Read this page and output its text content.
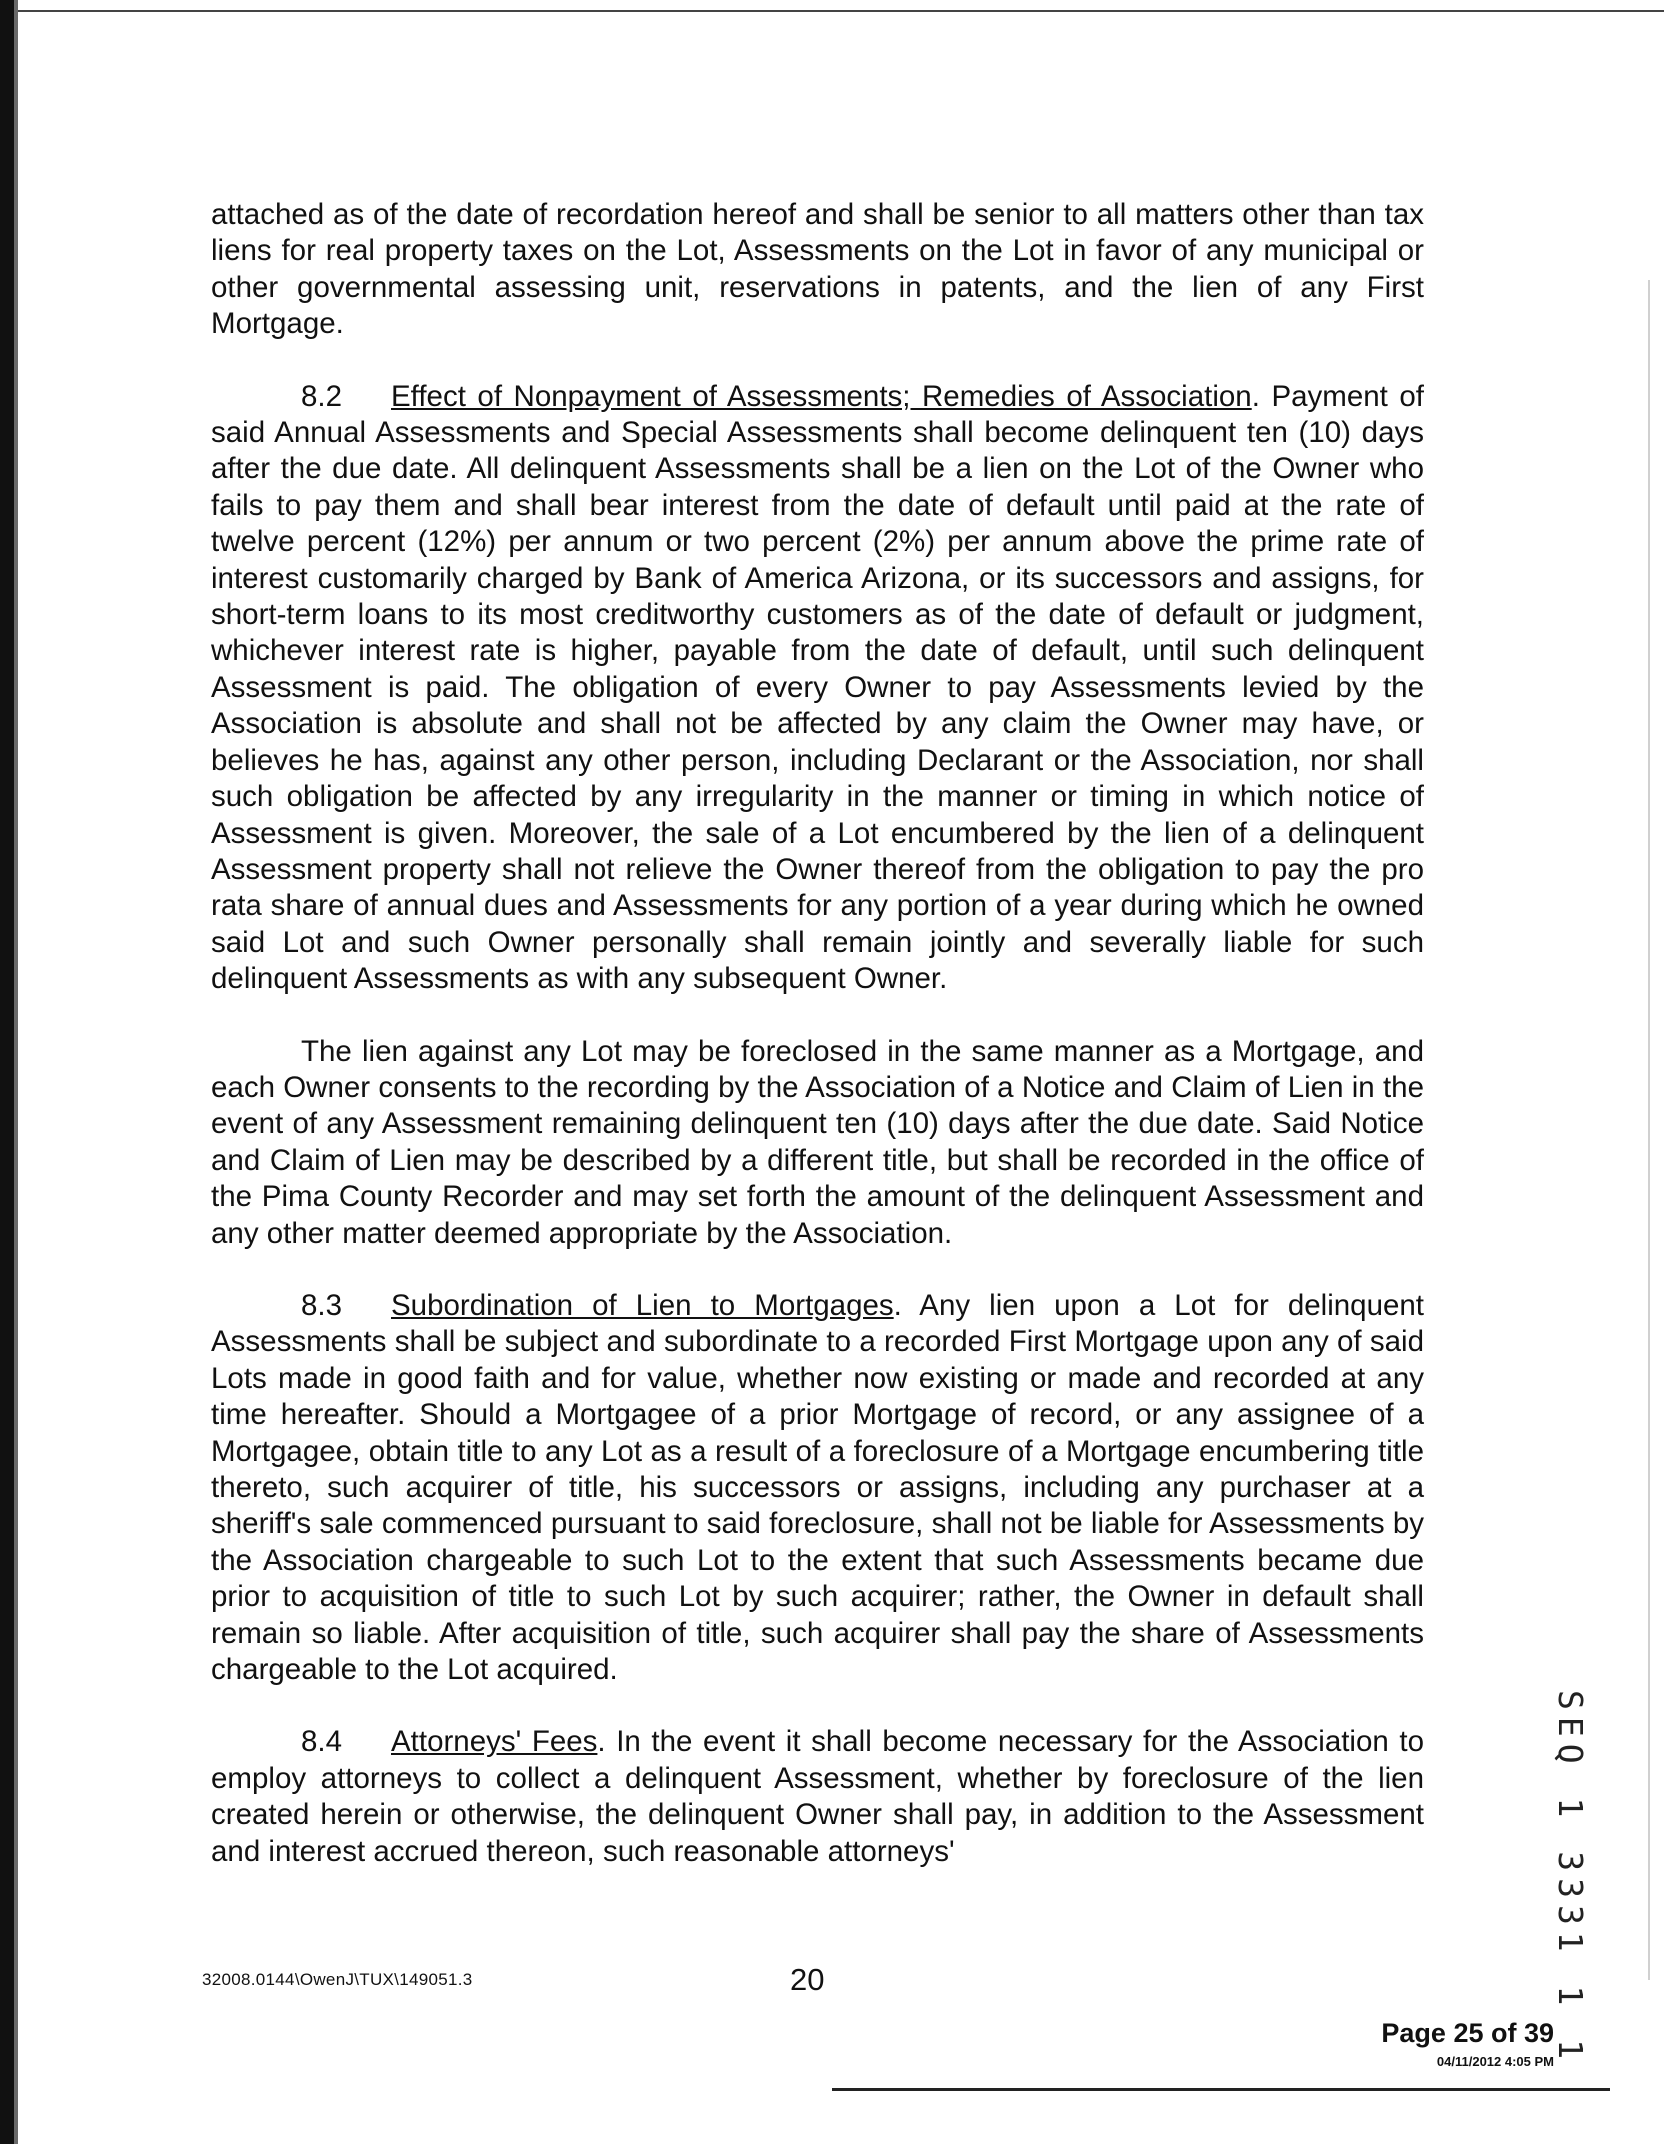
attached as of the date of recordation hereof and shall be senior to all matters other than tax liens for real property taxes on the Lot, Assessments on the Lot in favor of any municipal or other governmental assessing unit, reservations in patents, and the lien of any First Mortgage.

8.2 Effect of Nonpayment of Assessments; Remedies of Association. Payment of said Annual Assessments and Special Assessments shall become delinquent ten (10) days after the due date. All delinquent Assessments shall be a lien on the Lot of the Owner who fails to pay them and shall bear interest from the date of default until paid at the rate of twelve percent (12%) per annum or two percent (2%) per annum above the prime rate of interest customarily charged by Bank of America Arizona, or its successors and assigns, for short-term loans to its most creditworthy customers as of the date of default or judgment, whichever interest rate is higher, payable from the date of default, until such delinquent Assessment is paid. The obligation of every Owner to pay Assessments levied by the Association is absolute and shall not be affected by any claim the Owner may have, or believes he has, against any other person, including Declarant or the Association, nor shall such obligation be affected by any irregularity in the manner or timing in which notice of Assessment is given. Moreover, the sale of a Lot encumbered by the lien of a delinquent Assessment property shall not relieve the Owner thereof from the obligation to pay the pro rata share of annual dues and Assessments for any portion of a year during which he owned said Lot and such Owner personally shall remain jointly and severally liable for such delinquent Assessments as with any subsequent Owner.

The lien against any Lot may be foreclosed in the same manner as a Mortgage, and each Owner consents to the recording by the Association of a Notice and Claim of Lien in the event of any Assessment remaining delinquent ten (10) days after the due date. Said Notice and Claim of Lien may be described by a different title, but shall be recorded in the office of the Pima County Recorder and may set forth the amount of the delinquent Assessment and any other matter deemed appropriate by the Association.

8.3 Subordination of Lien to Mortgages. Any lien upon a Lot for delinquent Assessments shall be subject and subordinate to a recorded First Mortgage upon any of said Lots made in good faith and for value, whether now existing or made and recorded at any time hereafter. Should a Mortgagee of a prior Mortgage of record, or any assignee of a Mortgagee, obtain title to any Lot as a result of a foreclosure of a Mortgage encumbering title thereto, such acquirer of title, his successors or assigns, including any purchaser at a sheriff's sale commenced pursuant to said foreclosure, shall not be liable for Assessments by the Association chargeable to such Lot to the extent that such Assessments became due prior to acquisition of title to such Lot by such acquirer; rather, the Owner in default shall remain so liable. After acquisition of title, such acquirer shall pay the share of Assessments chargeable to the Lot acquired.

8.4 Attorneys' Fees. In the event it shall become necessary for the Association to employ attorneys to collect a delinquent Assessment, whether by foreclosure of the lien created herein or otherwise, the delinquent Owner shall pay, in addition to the Assessment and interest accrued thereon, such reasonable attorneys'	SEQ 1 3331 1 1
32008.0144\OwenJ\TUX\149051.3	20
Page 25 of 39
04/11/2012 4:05 PM
